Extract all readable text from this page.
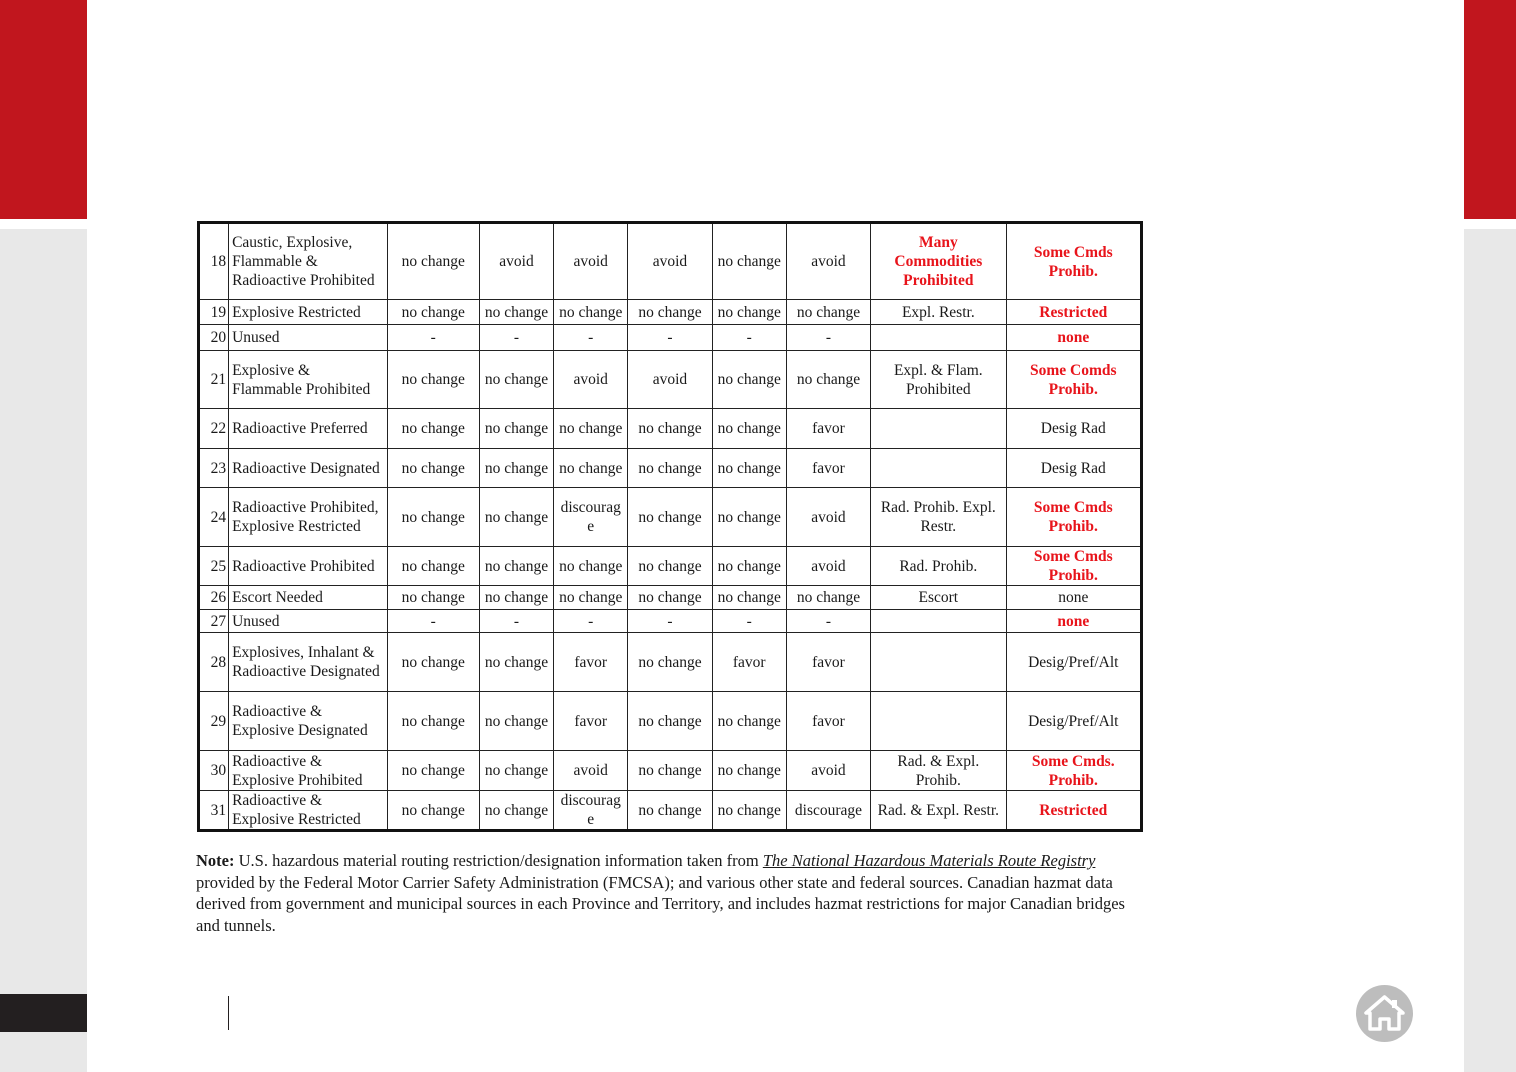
18	Caustic, Explosive, Flammable & Radioactive Prohibited	no change	avoid	avoid	avoid	no change	avoid	Many Commodities Prohibited	Some Cmds Prohib.
19	Explosive Restricted	no change	no change	no change	no change	no change	no change	Expl. Restr.	Restricted
20	Unused	-	-	-	-	-	-		none
21	Explosive & Flammable Prohibited	no change	no change	avoid	avoid	no change	no change	Expl. & Flam. Prohibited	Some Comds Prohib.
22	Radioactive Preferred	no change	no change	no change	no change	no change	favor		Desig Rad
23	Radioactive Designated	no change	no change	no change	no change	no change	favor		Desig Rad
24	Radioactive Prohibited, Explosive Restricted	no change	no change	discourag e	no change	no change	avoid	Rad. Prohib. Expl. Restr.	Some Cmds Prohib.
25	Radioactive Prohibited	no change	no change	no change	no change	no change	avoid	Rad. Prohib.	Some Cmds Prohib.
26	Escort Needed	no change	no change	no change	no change	no change	no change	Escort	none
27	Unused	-	-	-	-	-	-		none
28	Explosives, Inhalant & Radioactive Designated	no change	no change	favor	no change	favor	favor		Desig/Pref/Alt
29	Radioactive & Explosive Designated	no change	no change	favor	no change	no change	favor		Desig/Pref/Alt
30	Radioactive & Explosive Prohibited	no change	no change	avoid	no change	no change	avoid	Rad. & Expl. Prohib.	Some Cmds. Prohib.
31	Radioactive & Explosive Restricted	no change	no change	discourag e	no change	no change	discourage	Rad. & Expl. Restr.	Restricted
Note: U.S. hazardous material routing restriction/designation information taken from The National Hazardous Materials Route Registry provided by the Federal Motor Carrier Safety Administration (FMCSA); and various other state and federal sources. Canadian hazmat data derived from government and municipal sources in each Province and Territory, and includes hazmat restrictions for major Canadian bridges and tunnels.
